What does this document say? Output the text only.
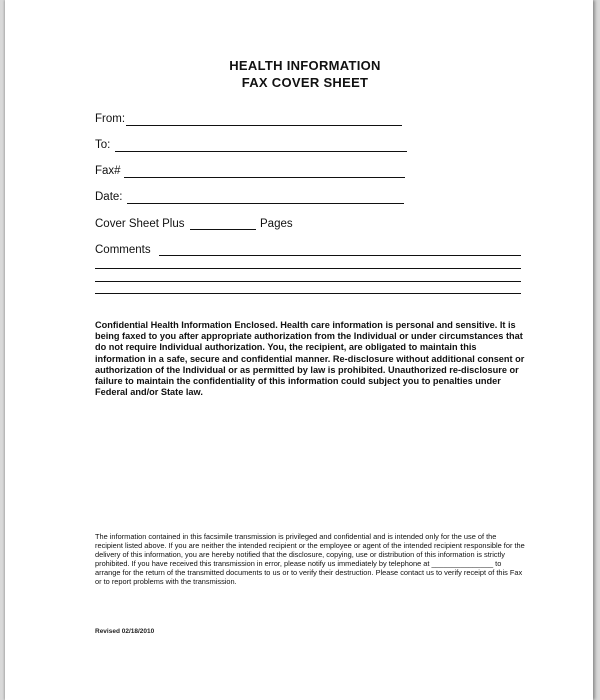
HEALTH INFORMATION
FAX COVER SHEET
From:
To:
Fax#
Date:
Cover Sheet Plus	Pages
Comments
Confidential Health Information Enclosed. Health care information is personal and sensitive. It is being faxed to you after appropriate authorization from the Individual or under circumstances that do not require Individual authorization. You, the recipient, are obligated to maintain this information in a safe, secure and confidential manner. Re-disclosure without additional consent or authorization of the Individual or as permitted by law is prohibited. Unauthorized re-disclosure or failure to maintain the confidentiality of this information could subject you to penalties under Federal and/or State law.
The information contained in this facsimile transmission is privileged and confidential and is intended only for the use of the recipient listed above. If you are neither the intended recipient or the employee or agent of the intended recipient responsible for the delivery of this information, you are hereby notified that the disclosure, copying, use or distribution of this information is strictly prohibited. If you have received this transmission in error, please notify us immediately by telephone at _______________ to arrange for the return of the transmitted documents to us or to verify their destruction. Please contact us to verify receipt of this Fax or to report problems with the transmission.
Revised 02/18/2010
